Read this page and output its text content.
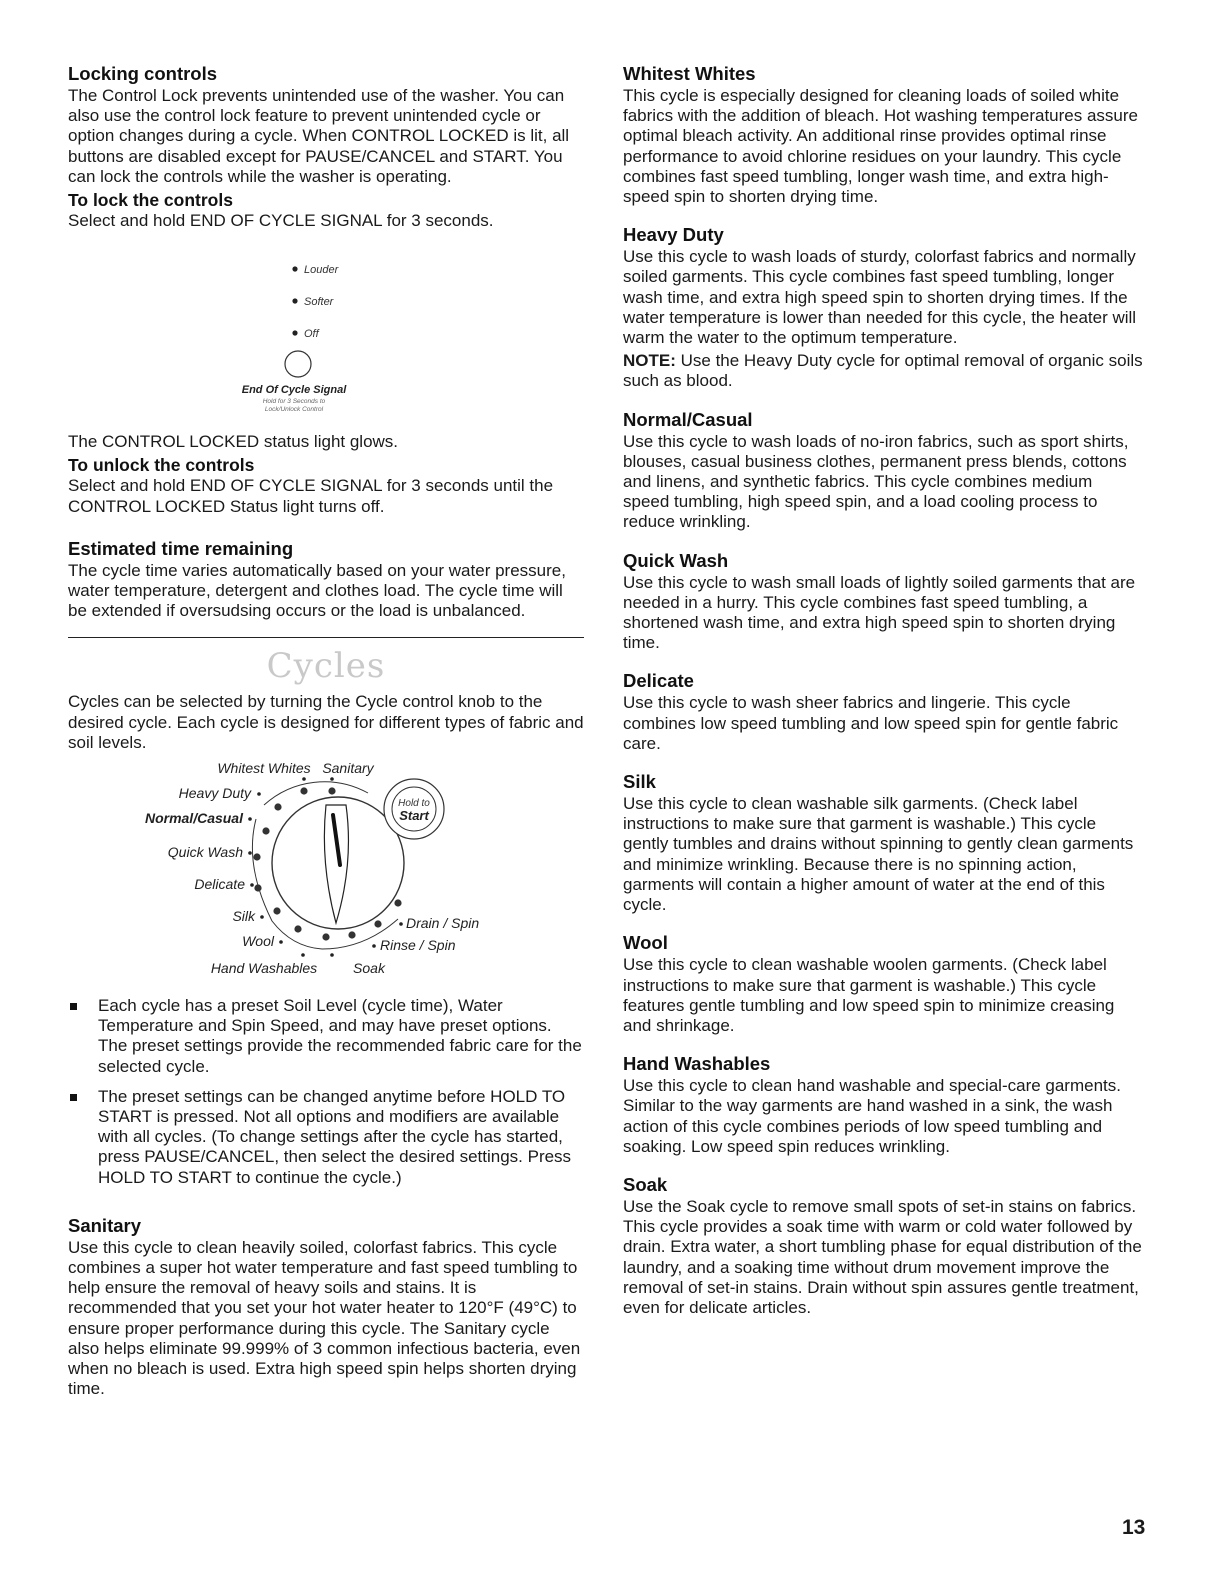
Locking controls

The Control Lock prevents unintended use of the washer. You can also use the control lock feature to prevent unintended cycle or option changes during a cycle. When CONTROL LOCKED is lit, all buttons are disabled except for PAUSE/CANCEL and START. You can lock the controls while the washer is operating.

To lock the controls

Select and hold END OF CYCLE SIGNAL for 3 seconds.

Louder
Softer
Off
End Of Cycle Signal
Hold for 3 Seconds to
Lock/Unlock Control

The CONTROL LOCKED status light glows.

To unlock the controls

Select and hold END OF CYCLE SIGNAL for 3 seconds until the CONTROL LOCKED Status light turns off.

Estimated time remaining

The cycle time varies automatically based on your water pressure, water temperature, detergent and clothes load. The cycle time will be extended if oversudsing occurs or the load is unbalanced.

Cycles

Cycles can be selected by turning the Cycle control knob to the desired cycle. Each cycle is designed for different types of fabric and soil levels.

Whitest Whites Sanitary
Heavy Duty
Normal/Casual
Quick Wash
Delicate
Silk
Wool
Drain / Spin
Rinse / Spin
Hand Washables	Soak
Hold to
Start
Each cycle has a preset Soil Level (cycle time), Water Temperature and Spin Speed, and may have preset options. The preset settings provide the recommended fabric care for the selected cycle.
The preset settings can be changed anytime before HOLD TO START is pressed. Not all options and modifiers are available with all cycles. (To change settings after the cycle has started, press PAUSE/CANCEL, then select the desired settings. Press HOLD TO START to continue the cycle.)
Sanitary

Use this cycle to clean heavily soiled, colorfast fabrics. This cycle combines a super hot water temperature and fast speed tumbling to help ensure the removal of heavy soils and stains. It is recommended that you set your hot water heater to 120°F (49°C) to ensure proper performance during this cycle. The Sanitary cycle also helps eliminate 99.999% of 3 common infectious bacteria, even when no bleach is used. Extra high speed spin helps shorten drying time.

Whitest Whites

This cycle is especially designed for cleaning loads of soiled white fabrics with the addition of bleach. Hot washing temperatures assure optimal bleach activity. An additional rinse provides optimal rinse performance to avoid chlorine residues on your laundry. This cycle combines fast speed tumbling, longer wash time, and extra high-speed spin to shorten drying time.

Heavy Duty

Use this cycle to wash loads of sturdy, colorfast fabrics and normally soiled garments. This cycle combines fast speed tumbling, longer wash time, and extra high speed spin to shorten drying times. If the water temperature is lower than needed for this cycle, the heater will warm the water to the optimum temperature.

NOTE: Use the Heavy Duty cycle for optimal removal of organic soils such as blood.

Normal/Casual

Use this cycle to wash loads of no-iron fabrics, such as sport shirts, blouses, casual business clothes, permanent press blends, cottons and linens, and synthetic fabrics. This cycle combines medium speed tumbling, high speed spin, and a load cooling process to reduce wrinkling.

Quick Wash

Use this cycle to wash small loads of lightly soiled garments that are needed in a hurry. This cycle combines fast speed tumbling, a shortened wash time, and extra high speed spin to shorten drying time.

Delicate

Use this cycle to wash sheer fabrics and lingerie. This cycle combines low speed tumbling and low speed spin for gentle fabric care.

Silk

Use this cycle to clean washable silk garments. (Check label instructions to make sure that garment is washable.) This cycle gently tumbles and drains without spinning to gently clean garments and minimize wrinkling. Because there is no spinning action, garments will contain a higher amount of water at the end of this cycle.

Wool

Use this cycle to clean washable woolen garments. (Check label instructions to make sure that garment is washable.) This cycle features gentle tumbling and low speed spin to minimize creasing and shrinkage.

Hand Washables

Use this cycle to clean hand washable and special-care garments. Similar to the way garments are hand washed in a sink, the wash action of this cycle combines periods of low speed tumbling and soaking. Low speed spin reduces wrinkling.

Soak

Use the Soak cycle to remove small spots of set-in stains on fabrics. This cycle provides a soak time with warm or cold water followed by drain. Extra water, a short tumbling phase for equal distribution of the laundry, and a soaking time without drum movement improve the removal of set-in stains. Drain without spin assures gentle treatment, even for delicate articles.

13
